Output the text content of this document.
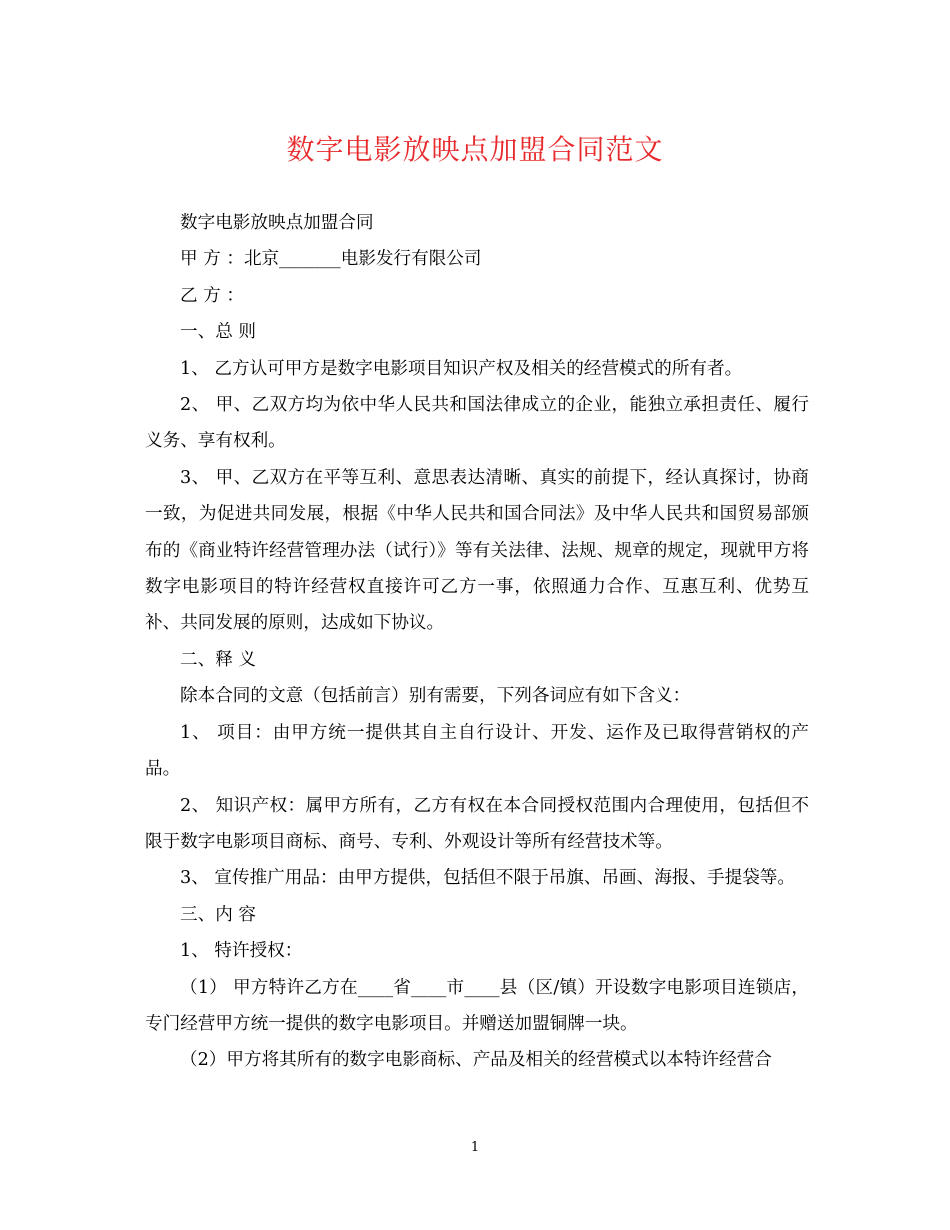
数字电影放映点加盟合同范文

数字电影放映点加盟合同

甲 方 ：北京_______电影发行有限公司

乙 方 ：

一、总 则

1、 乙方认可甲方是数字电影项目知识产权及相关的经营模式的所有者。

2、 甲、乙双方均为依中华人民共和国法律成立的企业，能独立承担责任、履行义务、享有权利。

3、 甲、乙双方在平等互利、意思表达清晰、真实的前提下，经认真探讨，协商一致，为促进共同发展，根据《中华人民共和国合同法》及中华人民共和国贸易部颁布的《商业特许经营管理办法（试行）》等有关法律、法规、规章的规定，现就甲方将数字电影项目的特许经营权直接许可乙方一事，依照通力合作、互惠互利、优势互补、共同发展的原则，达成如下协议。

二、释 义

除本合同的文意（包括前言）别有需要，下列各词应有如下含义：

1、 项目：由甲方统一提供其自主自行设计、开发、运作及已取得营销权的产品。

2、 知识产权：属甲方所有，乙方有权在本合同授权范围内合理使用，包括但不限于数字电影项目商标、商号、专利、外观设计等所有经营技术等。

3、 宣传推广用品：由甲方提供，包括但不限于吊旗、吊画、海报、手提袋等。

三、内 容

1、 特许授权：

（1） 甲方特许乙方在____省____市____县（区/镇）开设数字电影项目连锁店，专门经营甲方统一提供的数字电影项目。并赠送加盟铜牌一块。

（2）甲方将其所有的数字电影商标、产品及相关的经营模式以本特许经营合

1
